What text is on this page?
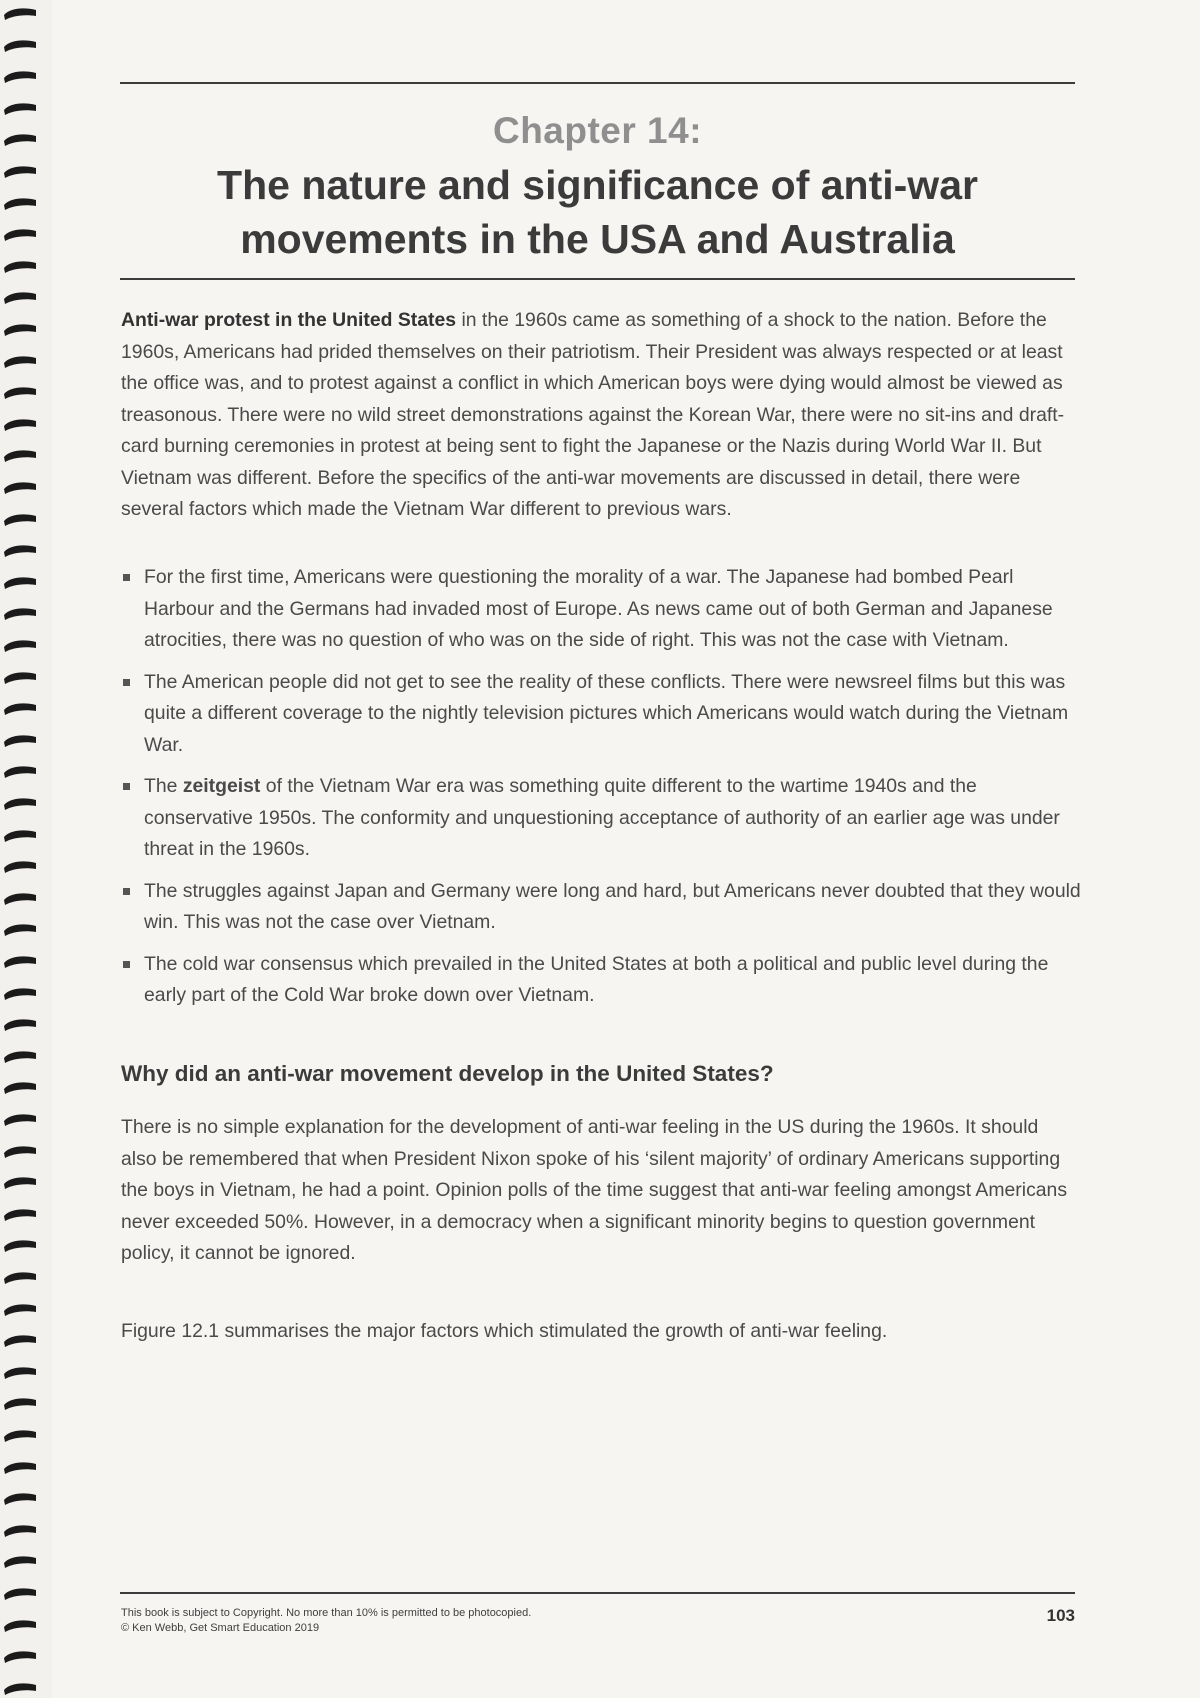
Chapter 14:
The nature and significance of anti-war
movements in the USA and Australia

Anti-war protest in the United States in the 1960s came as something of a shock to the nation. Before the 1960s, Americans had prided themselves on their patriotism. Their President was always respected or at least the office was, and to protest against a conflict in which American boys were dying would almost be viewed as treasonous. There were no wild street demonstrations against the Korean War, there were no sit-ins and draft-card burning ceremonies in protest at being sent to fight the Japanese or the Nazis during World War II. But Vietnam was different. Before the specifics of the anti-war movements are discussed in detail, there were several factors which made the Vietnam War different to previous wars.

For the first time, Americans were questioning the morality of a war. The Japanese had bombed Pearl Harbour and the Germans had invaded most of Europe. As news came out of both German and Japanese atrocities, there was no question of who was on the side of right. This was not the case with Vietnam.
The American people did not get to see the reality of these conflicts. There were newsreel films but this was quite a different coverage to the nightly television pictures which Americans would watch during the Vietnam War.
The zeitgeist of the Vietnam War era was something quite different to the wartime 1940s and the conservative 1950s. The conformity and unquestioning acceptance of authority of an earlier age was under threat in the 1960s.
The struggles against Japan and Germany were long and hard, but Americans never doubted that they would win. This was not the case over Vietnam.
The cold war consensus which prevailed in the United States at both a political and public level during the early part of the Cold War broke down over Vietnam.
Why did an anti-war movement develop in the United States?

There is no simple explanation for the development of anti-war feeling in the US during the 1960s. It should also be remembered that when President Nixon spoke of his ‘silent majority’ of ordinary Americans supporting the boys in Vietnam, he had a point. Opinion polls of the time suggest that anti-war feeling amongst Americans never exceeded 50%. However, in a democracy when a significant minority begins to question government policy, it cannot be ignored.

Figure 12.1 summarises the major factors which stimulated the growth of anti-war feeling.

This book is subject to Copyright. No more than 10% is permitted to be photocopied.
© Ken Webb, Get Smart Education 2019
103
